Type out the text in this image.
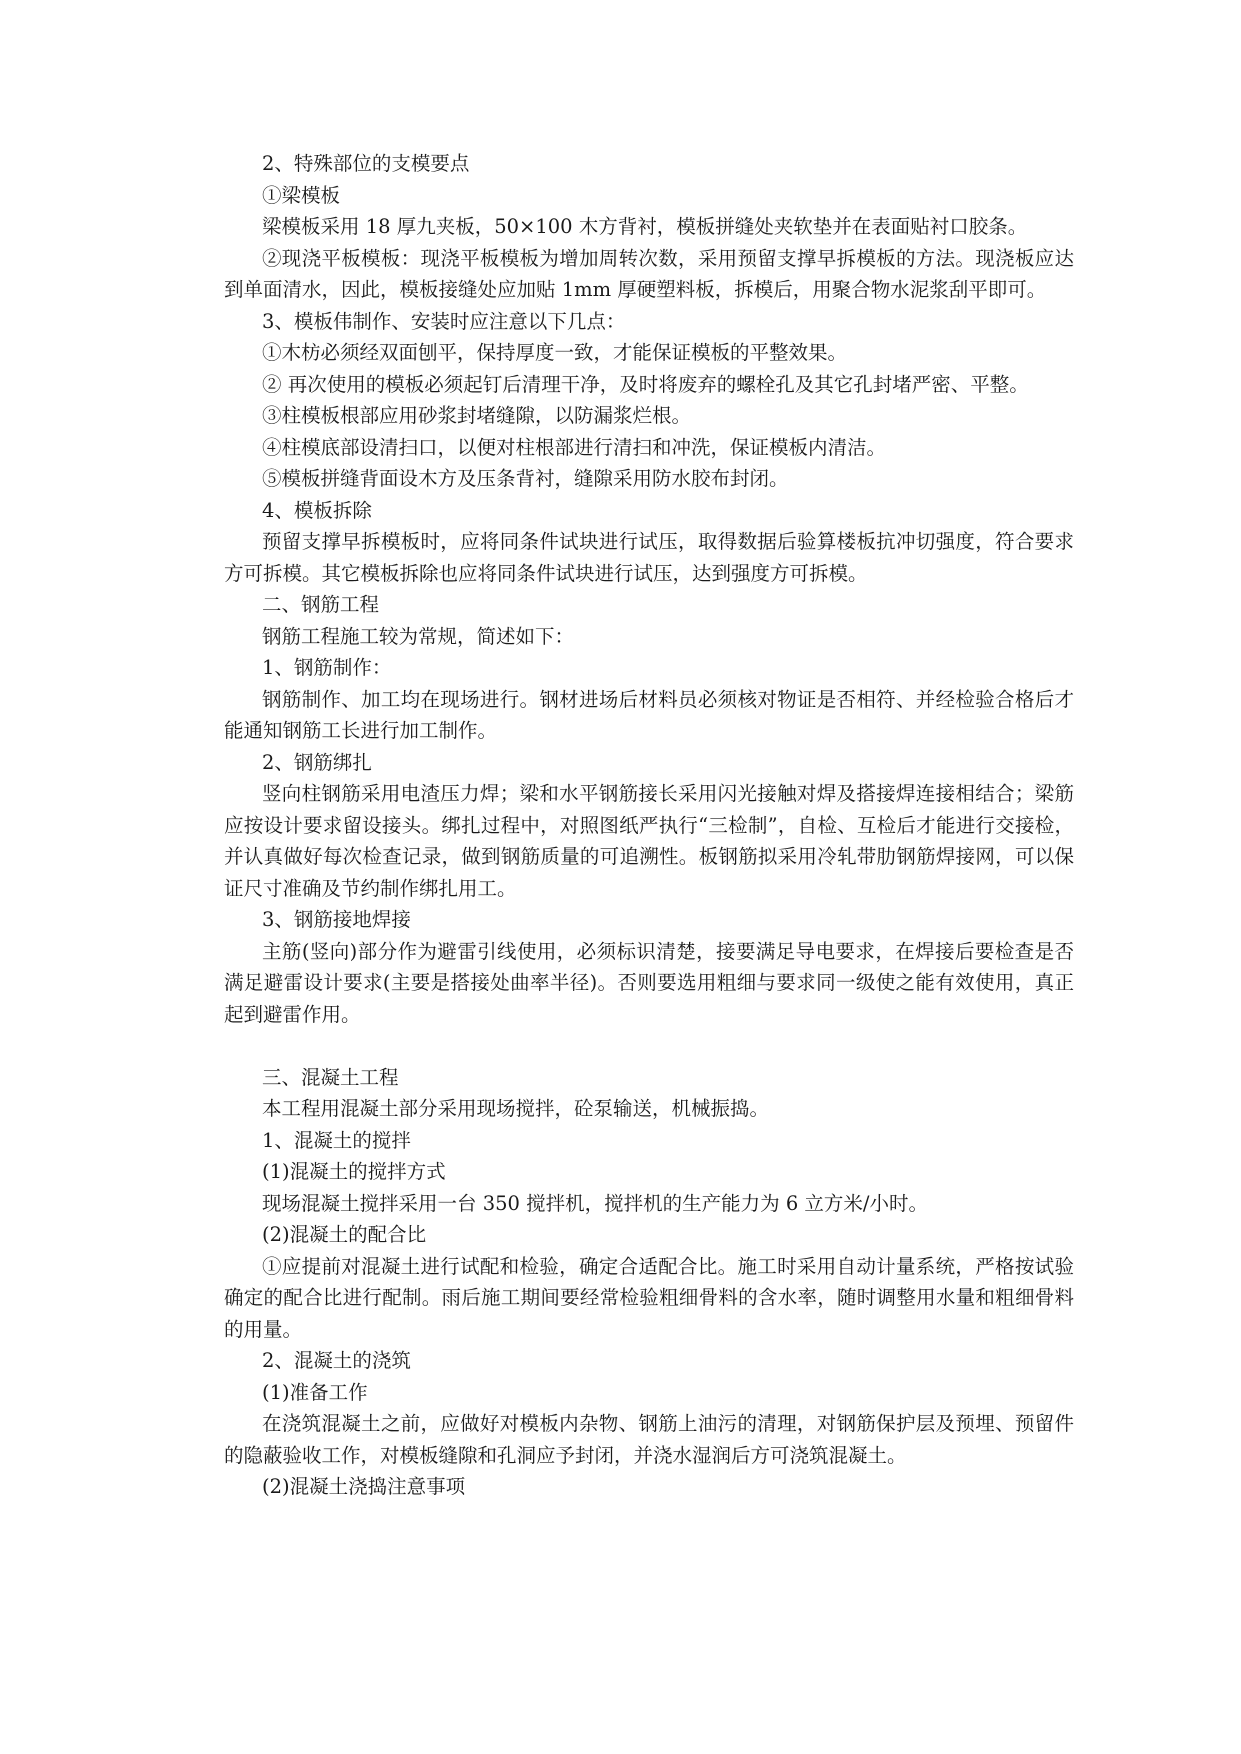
2、特殊部位的支模要点

①梁模板

梁模板采用 18 厚九夹板，50×100 木方背衬，模板拼缝处夹软垫并在表面贴衬口胶条。

②现浇平板模板：现浇平板模板为增加周转次数，采用预留支撑早拆模板的方法。现浇板应达到单面清水，因此，模板接缝处应加贴 1mm 厚硬塑料板，拆模后，用聚合物水泥浆刮平即可。

3、模板伟制作、安装时应注意以下几点：

①木枋必须经双面刨平，保持厚度一致，才能保证模板的平整效果。

② 再次使用的模板必须起钉后清理干净，及时将废弃的螺栓孔及其它孔封堵严密、平整。

③柱模板根部应用砂浆封堵缝隙，以防漏浆烂根。

④柱模底部设清扫口，以便对柱根部进行清扫和冲洗，保证模板内清洁。

⑤模板拼缝背面设木方及压条背衬，缝隙采用防水胶布封闭。

4、模板拆除

预留支撑早拆模板时，应将同条件试块进行试压，取得数据后验算楼板抗冲切强度，符合要求方可拆模。其它模板拆除也应将同条件试块进行试压，达到强度方可拆模。

二、钢筋工程

钢筋工程施工较为常规，简述如下：

1、钢筋制作：

钢筋制作、加工均在现场进行。钢材进场后材料员必须核对物证是否相符、并经检验合格后才能通知钢筋工长进行加工制作。

2、钢筋绑扎

竖向柱钢筋采用电渣压力焊；梁和水平钢筋接长采用闪光接触对焊及搭接焊连接相结合；梁筋应按设计要求留设接头。绑扎过程中，对照图纸严执行“三检制”，自检、互检后才能进行交接检，并认真做好每次检查记录，做到钢筋质量的可追溯性。板钢筋拟采用冷轧带肋钢筋焊接网，可以保证尺寸准确及节约制作绑扎用工。

3、钢筋接地焊接

主筋(竖向)部分作为避雷引线使用，必须标识清楚，接要满足导电要求，在焊接后要检查是否满足避雷设计要求(主要是搭接处曲率半径)。否则要选用粗细与要求同一级使之能有效使用，真正起到避雷作用。

三、混凝土工程

本工程用混凝土部分采用现场搅拌，砼泵输送，机械振捣。

1、混凝土的搅拌

(1)混凝土的搅拌方式

现场混凝土搅拌采用一台 350 搅拌机，搅拌机的生产能力为 6 立方米/小时。

(2)混凝土的配合比

①应提前对混凝土进行试配和检验，确定合适配合比。施工时采用自动计量系统，严格按试验确定的配合比进行配制。雨后施工期间要经常检验粗细骨料的含水率，随时调整用水量和粗细骨料的用量。

2、混凝土的浇筑

(1)准备工作

在浇筑混凝土之前，应做好对模板内杂物、钢筋上油污的清理，对钢筋保护层及预埋、预留件的隐蔽验收工作，对模板缝隙和孔洞应予封闭，并浇水湿润后方可浇筑混凝土。

(2)混凝土浇捣注意事项
